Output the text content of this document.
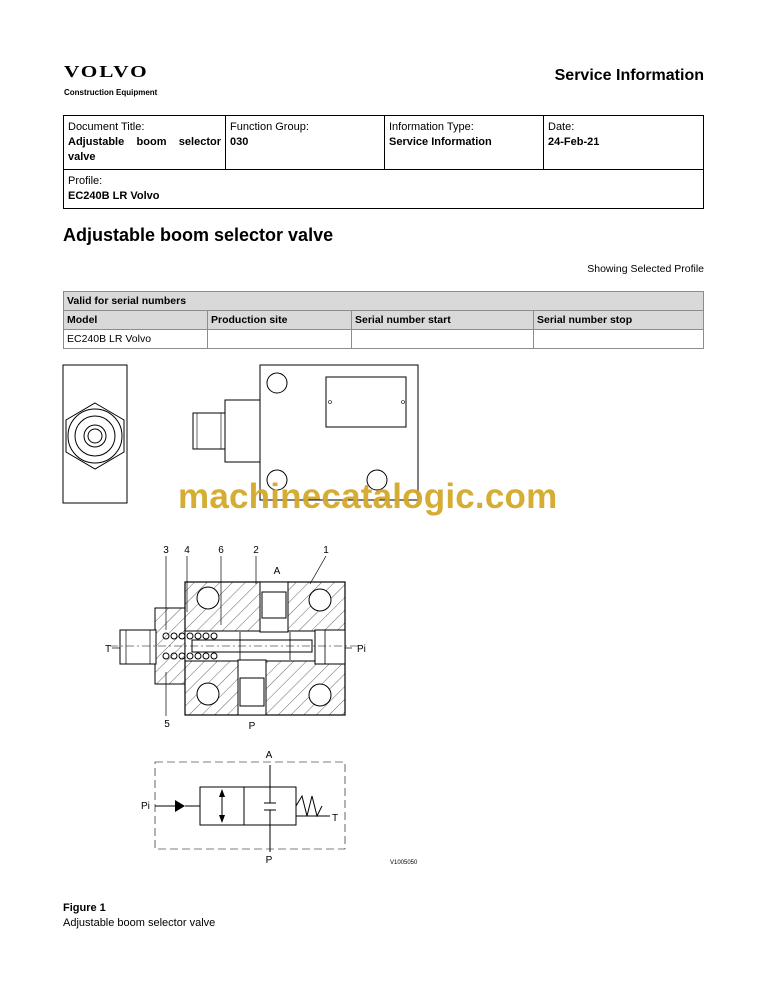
VOLVO
Construction Equipment
Service Information
Document Title:
Adjustable boom selector
valve

Function Group:
030

Information Type:
Service Information

Date:
24-Feb-21

Profile:
EC240B LR Volvo
Adjustable boom selector valve
Showing Selected Profile
Valid for serial numbers			
Model	Production site	Serial number start	Serial number stop
EC240B LR Volvo			
3 4	6	2	1
5
A
P
T	Pi
A
P
Pi
T
V1005050
machinecatalogic.com
Figure 1
Adjustable boom selector valve
